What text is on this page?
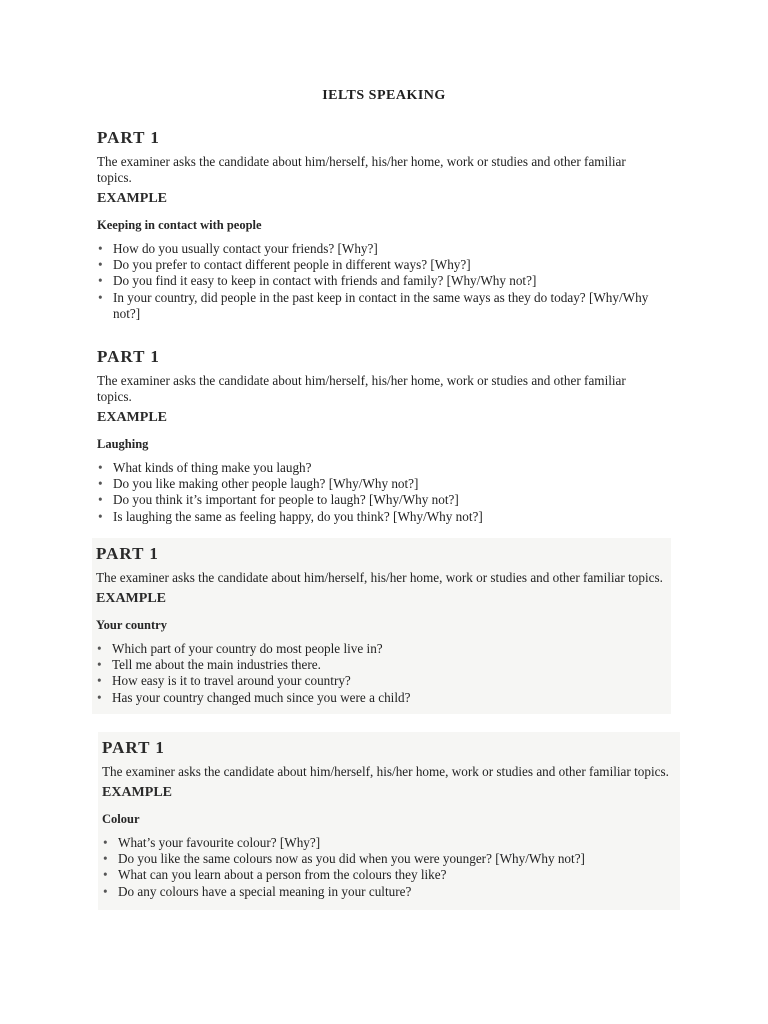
IELTS SPEAKING
PART 1

The examiner asks the candidate about him/herself, his/her home, work or studies and other familiar topics.

EXAMPLE
Keeping in contact with people
• How do you usually contact your friends? [Why?]
• Do you prefer to contact different people in different ways? [Why?]
• Do you find it easy to keep in contact with friends and family? [Why/Why not?]
• In your country, did people in the past keep in contact in the same ways as they do today? [Why/Why not?]
PART 1

The examiner asks the candidate about him/herself, his/her home, work or studies and other familiar topics.

EXAMPLE
Laughing
• What kinds of thing make you laugh?
• Do you like making other people laugh? [Why/Why not?]
• Do you think it’s important for people to laugh? [Why/Why not?]
• Is laughing the same as feeling happy, do you think? [Why/Why not?]
PART 1

The examiner asks the candidate about him/herself, his/her home, work or studies and other familiar topics.

EXAMPLE
Your country
• Which part of your country do most people live in?
• Tell me about the main industries there.
• How easy is it to travel around your country?
• Has your country changed much since you were a child?
PART 1

The examiner asks the candidate about him/herself, his/her home, work or studies and other familiar topics.

EXAMPLE
Colour
• What’s your favourite colour? [Why?]
• Do you like the same colours now as you did when you were younger? [Why/Why not?]
• What can you learn about a person from the colours they like?
• Do any colours have a special meaning in your culture?
